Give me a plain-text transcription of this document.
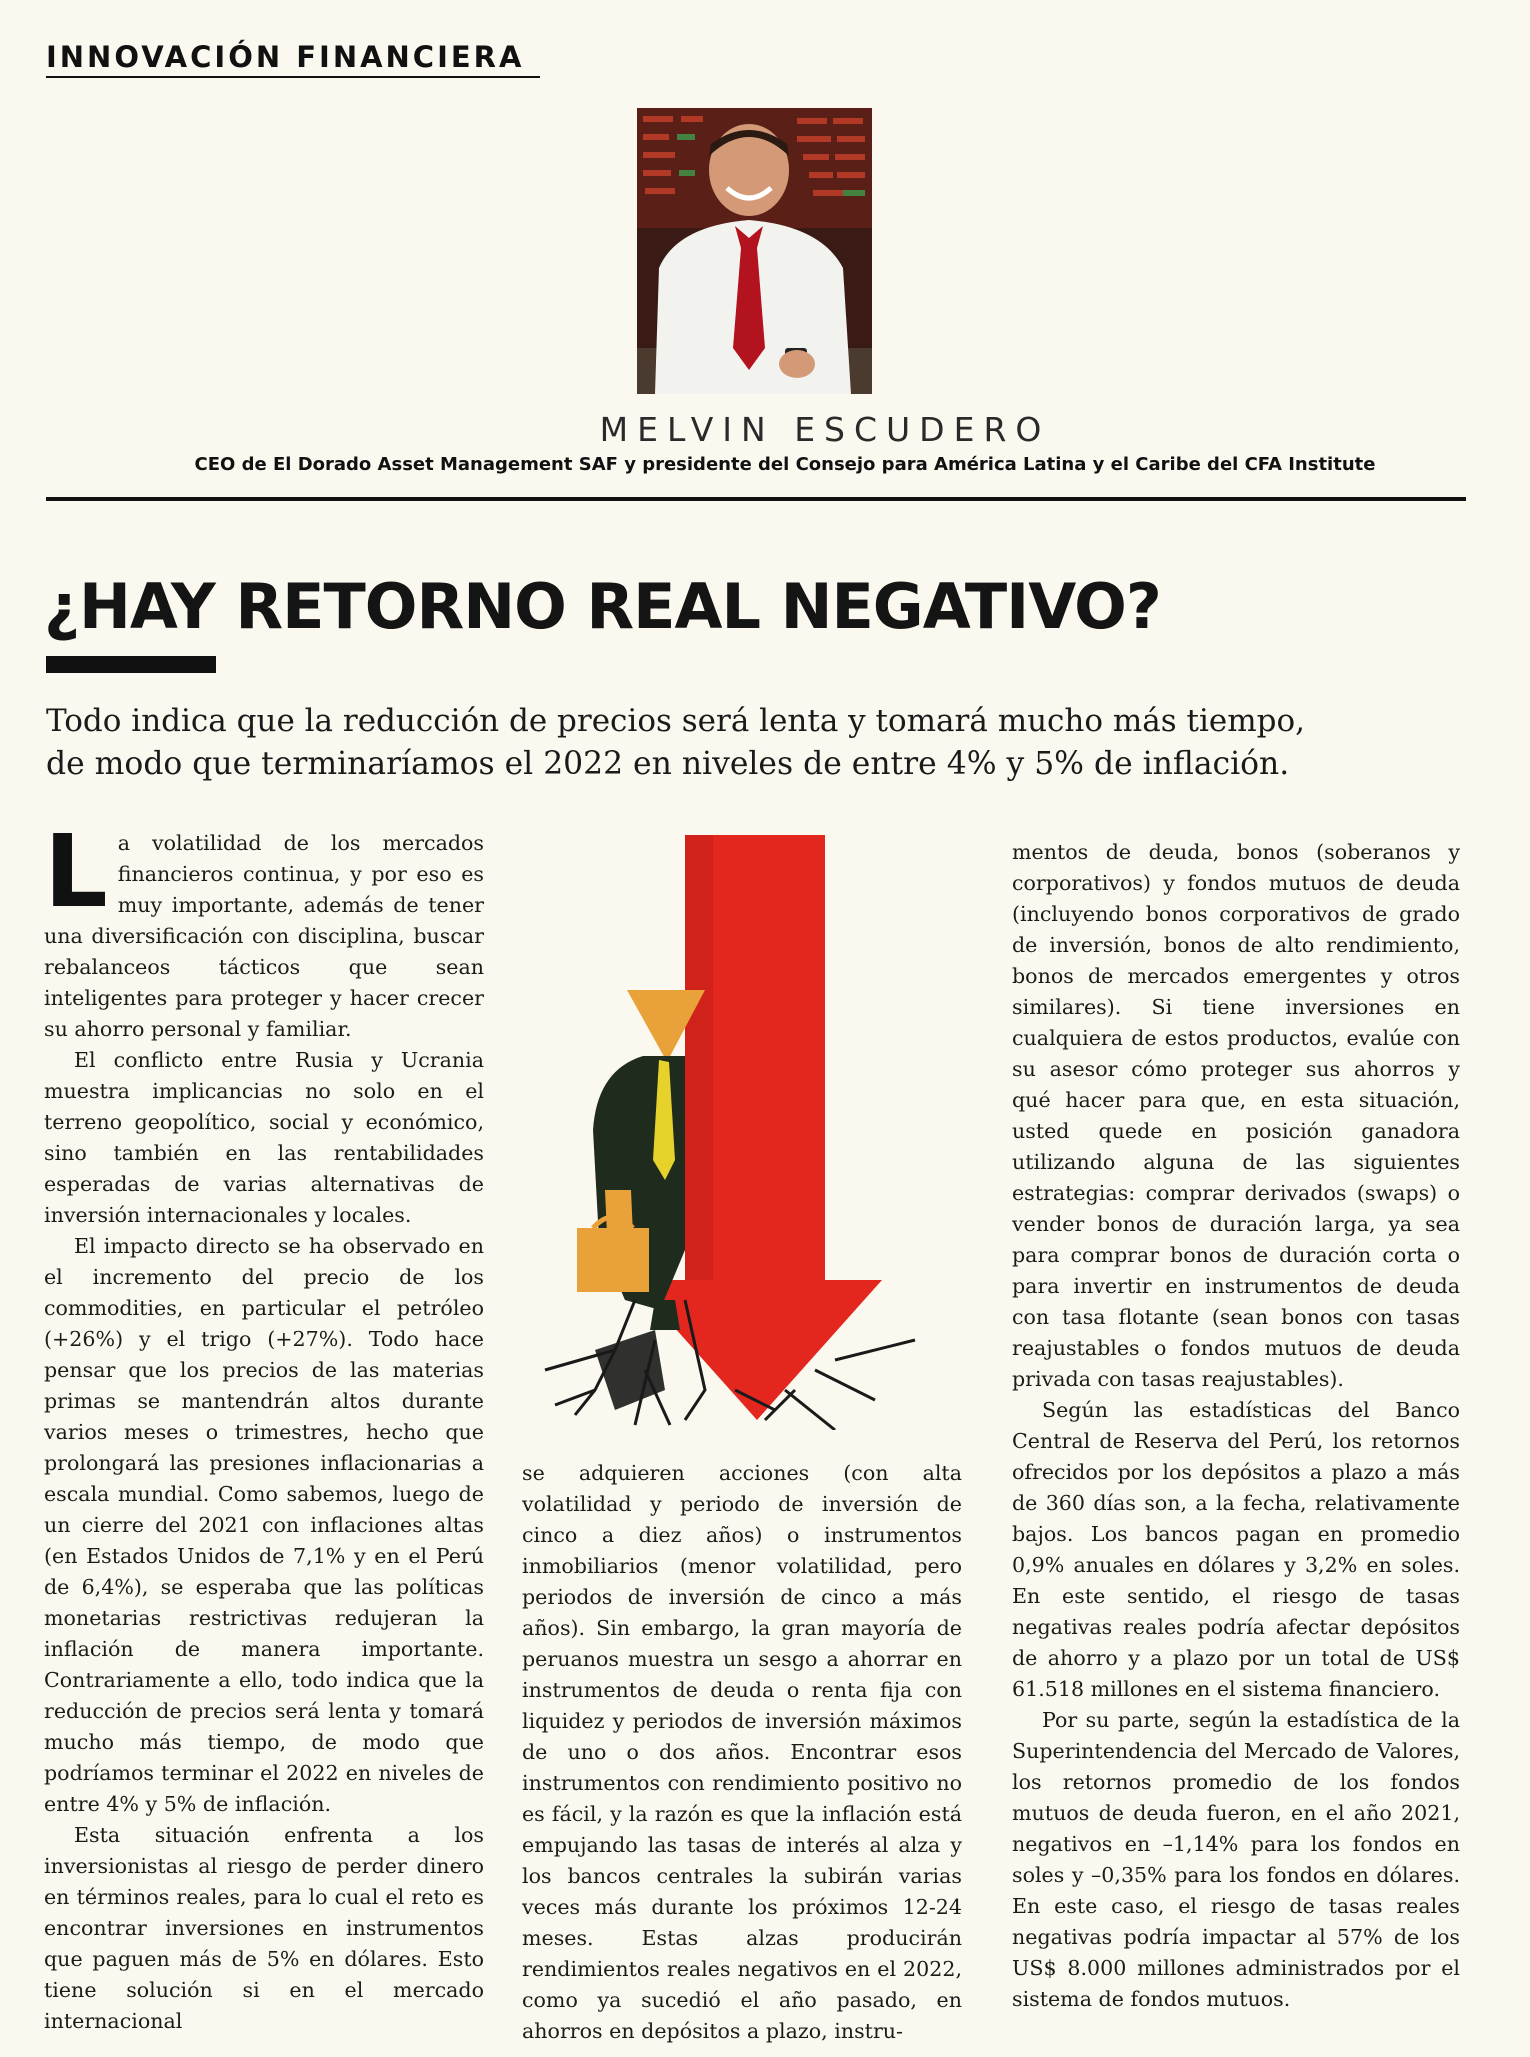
INNOVACIÓN FINANCIERA
MELVIN ESCUDERO
CEO de El Dorado Asset Management SAF y presidente del Consejo para América Latina y el Caribe del CFA Institute
¿HAY RETORNO REAL NEGATIVO?
Todo indica que la reducción de precios será lenta y tomará mucho más tiempo,
de modo que terminaríamos el 2022 en niveles de entre 4% y 5% de inflación.

La volatilidad de los mercados financieros continua, y por eso es muy importante, además de tener una diversificación con disciplina, buscar rebalanceos tácticos que sean inteligentes para proteger y hacer crecer su ahorro personal y familiar.

El conflicto entre Rusia y Ucrania muestra implicancias no solo en el terreno geopolítico, social y económico, sino también en las rentabilidades esperadas de varias alternativas de inversión internacionales y locales.

El impacto directo se ha observado en el incremento del precio de los commodities, en particular el petróleo (+26%) y el trigo (+27%). Todo hace pensar que los precios de las materias primas se mantendrán altos durante varios meses o trimestres, hecho que prolongará las presiones inflacionarias a escala mundial. Como sabemos, luego de un cierre del 2021 con inflaciones altas (en Estados Unidos de 7,1% y en el Perú de 6,4%), se esperaba que las políticas monetarias restrictivas redujeran la inflación de manera importante. Contrariamente a ello, todo indica que la reducción de precios será lenta y tomará mucho más tiempo, de modo que podríamos terminar el 2022 en niveles de entre 4% y 5% de inflación.

Esta situación enfrenta a los inversionistas al riesgo de perder dinero en términos reales, para lo cual el reto es encontrar inversiones en instrumentos que paguen más de 5% en dólares. Esto tiene solución si en el mercado internacional

se adquieren acciones (con alta volatilidad y periodo de inversión de cinco a diez años) o instrumentos inmobiliarios (menor volatilidad, pero periodos de inversión de cinco a más años). Sin embargo, la gran mayoría de peruanos muestra un sesgo a ahorrar en instrumentos de deuda o renta fija con liquidez y periodos de inversión máximos de uno o dos años. Encontrar esos instrumentos con rendimiento positivo no es fácil, y la razón es que la inflación está empujando las tasas de interés al alza y los bancos centrales la subirán varias veces más durante los próximos 12-24 meses. Estas alzas producirán rendimientos reales negativos en el 2022, como ya sucedió el año pasado, en ahorros en depósitos a plazo, instru-

mentos de deuda, bonos (soberanos y corporativos) y fondos mutuos de deuda (incluyendo bonos corporativos de grado de inversión, bonos de alto rendimiento, bonos de mercados emergentes y otros similares). Si tiene inversiones en cualquiera de estos productos, evalúe con su asesor cómo proteger sus ahorros y qué hacer para que, en esta situación, usted quede en posición ganadora utilizando alguna de las siguientes estrategias: comprar derivados (swaps) o vender bonos de duración larga, ya sea para comprar bonos de duración corta o para invertir en instrumentos de deuda con tasa flotante (sean bonos con tasas reajustables o fondos mutuos de deuda privada con tasas reajustables).

Según las estadísticas del Banco Central de Reserva del Perú, los retornos ofrecidos por los depósitos a plazo a más de 360 días son, a la fecha, relativamente bajos. Los bancos pagan en promedio 0,9% anuales en dólares y 3,2% en soles. En este sentido, el riesgo de tasas negativas reales podría afectar depósitos de ahorro y a plazo por un total de US$ 61.518 millones en el sistema financiero.

Por su parte, según la estadística de la Superintendencia del Mercado de Valores, los retornos promedio de los fondos mutuos de deuda fueron, en el año 2021, negativos en –1,14% para los fondos en soles y –0,35% para los fondos en dólares. En este caso, el riesgo de tasas reales negativas podría impactar al 57% de los US$ 8.000 millones administrados por el sistema de fondos mutuos.
